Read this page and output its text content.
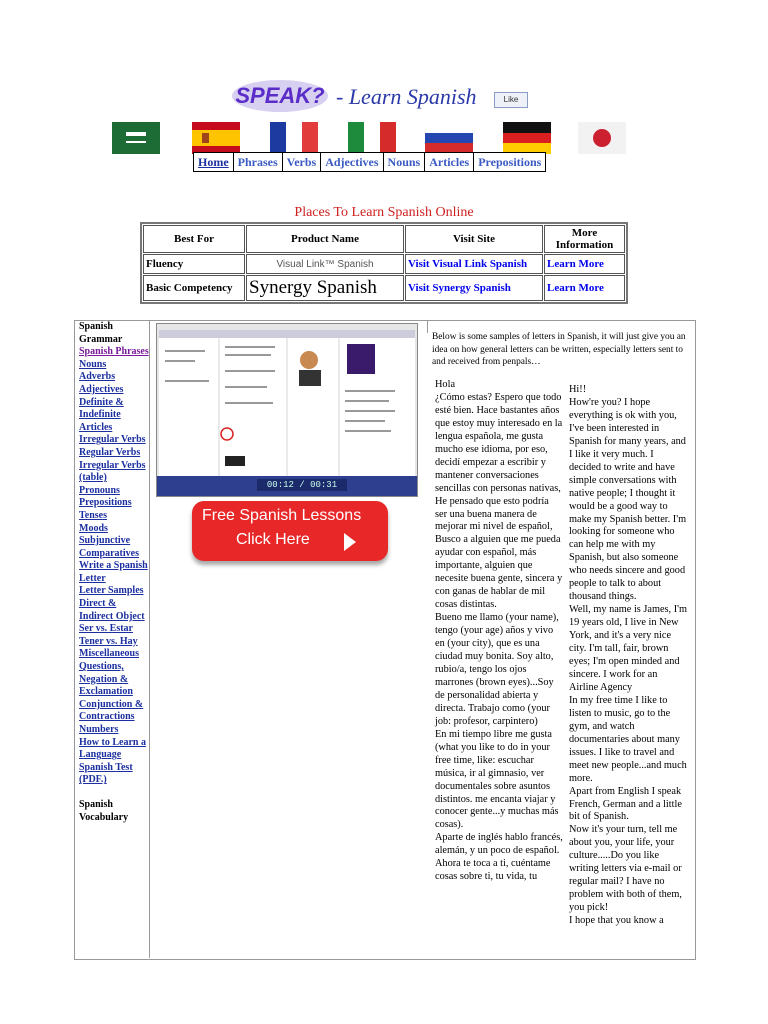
SPEAK? - Learn Spanish	Like
Home Phrases Verbs Adjectives Nouns Articles Prepositions
Places To Learn Spanish Online
Best For	Product Name	Visit Site	More Information
Fluency	Visual Link™ Spanish	Visit Visual Link Spanish	Learn More
Basic Competency	Synergy Spanish	Visit Synergy Spanish	Learn More
Spanish Grammar
Spanish Phrases
Nouns
Adverbs
Adjectives
Definite & Indefinite Articles
Irregular Verbs
Regular Verbs
Irregular Verbs (table)
Pronouns
Prepositions
Tenses
Moods
Subjunctive
Comparatives
Write a Spanish Letter
Letter Samples
Direct & Indirect Object
Ser vs. Estar
Tener vs. Hay
Miscellaneous Questions,
Negation & Exclamation
Conjunction &
Contractions
Numbers
How to Learn a Language
Spanish Test (PDF.)
Spanish Vocabulary
00:12 / 00:31
Free Spanish Lessons
Click Here
Below is some samples of letters in Spanish, it will just give you an idea on how general letters can be written, especially letters sent to and received from penpals…

Hola

¿Cómo estas? Espero que todo esté bien. Hace bastantes años que estoy muy interesado en la lengua española, me gusta mucho ese idioma, por eso, decidí empezar a escribir y mantener conversaciones sencillas con personas nativas, He pensado que esto podría ser una buena manera de mejorar mi nivel de español, Busco a alguien que me pueda ayudar con español, más importante, alguien que necesite buena gente, sincera y con ganas de hablar de mil cosas distintas.

Bueno me llamo (your name), tengo (your age) años y vivo en (your city), que es una ciudad muy bonita. Soy alto, rubio/a, tengo los ojos marrones (brown eyes)...Soy de personalidad abierta y directa. Trabajo como (your job: profesor, carpintero)

En mi tiempo libre me gusta (what you like to do in your free time, like: escuchar música, ir al gimnasio, ver documentales sobre asuntos distintos. me encanta viajar y conocer gente...y muchas más cosas).

Aparte de inglés hablo francés, alemán, y un poco de español.

Ahora te toca a ti, cuéntame cosas sobre ti, tu vida, tu

Hi!!

How're you? I hope everything is ok with you, I've been interested in Spanish for many years, and I like it very much. I decided to write and have simple conversations with native people; I thought it would be a good way to make my Spanish better. I'm looking for someone who can help me with my Spanish, but also someone who needs sincere and good people to talk to about thousand things.

Well, my name is James, I'm 19 years old, I live in New York, and it's a very nice city. I'm tall, fair, brown eyes; I'm open minded and sincere. I work for an Airline Agency

In my free time I like to listen to music, go to the gym, and watch documentaries about many issues. I like to travel and meet new people...and much more.

Apart from English I speak French, German and a little bit of Spanish.

Now it's your turn, tell me about you, your life, your culture.....Do you like writing letters via e-mail or regular mail? I have no problem with both of them, you pick!

I hope that you know a
